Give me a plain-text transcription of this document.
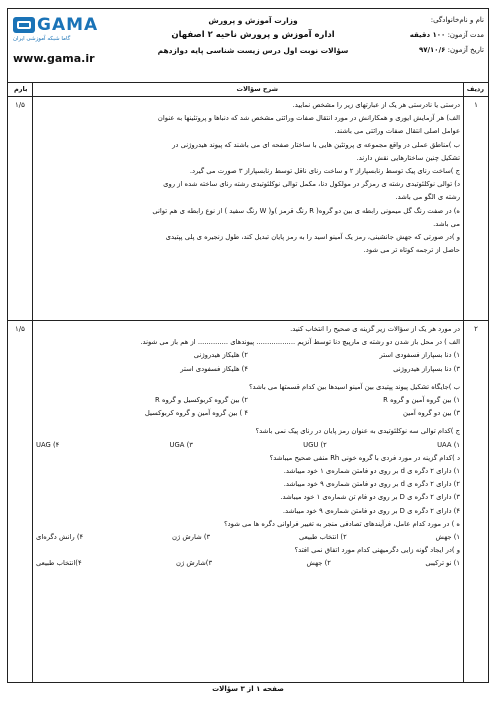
GAMA
گاما شبکه آموزشی ایران
www.gama.ir
وزارت آموزش و پرورش
اداره آموزش و پرورش ناحیه ۲ اصفهان
سؤالات نوبت اول درس زیست شناسی پایه دوازدهم
نام و نام‌خانوادگی:
مدت آزمون: ۱۰۰ دقیقه
تاریخ آزمون: ۹۷/۱۰/۶
ردیف
شرح سؤالات
بارم
۱
۱/۵	درستی یا نادرستی هر یک از عبارتهای زیر را مشخص نمایید.
الف) هر آزمایش ایوری و همکارانش در مورد انتقال صفات وراثتی مشخص شد که دنباها و پروتئینها به عنوان
عوامل اصلی انتقال صفات وراثتی می باشند.
ب )مناطق عملی در واقع مجموعه ی پروتئین هایی با ساختار صفحه ای می باشند که پیوند هیدروژنی در
تشکیل چنین ساختارهایی نقش دارند.
ج )ساخت رنای پیک توسط رنابسپاراز ۲ و ساخت رنای ناقل توسط رنابسپاراز ۳ صورت می گیرد.
د) توالی نوکلئوتیدی رشته ی رمزگر در مولکول دنا، مکمل توالی نوکلئوتیدی رشته رنای ساخته شده از روی
رشته ی الگو می باشد.
ه) در صفت رنگ گل میمونی رابطه ی بین دو گروه( R رنگ قرمز )و( W رنگ سفید ) از نوع رابطه ی هم توانی
می باشد.
و )در صورتی که جهش جانشینی، رمز یک آمینو اسید را به رمز پایان تبدیل کند، طول زنجیره ی پلی پپتیدی
حاصل از ترجمه کوتاه تر می شود.
۲
۱/۵	در مورد هر یک از سؤالات زیر گزینه ی صحیح را انتخاب کنید.
الف ) در محل باز شدن دو رشته ی مارپیچ دنا توسط آنزیم .................. پیوندهای .............. از هم باز می شوند.
۱) دنا بسپاراز فسفودی استر
۲) هلیکاز هیدروژنی
۳) دنا بسپاراز هیدروژنی
۴) هلیکاز فسفودی استر
ب )جایگاه تشکیل پیوند پپتیدی بین آمینو اسیدها بین کدام قسمتها می باشد؟
۱) بین گروه آمین و گروه R
۲) بین گروه کربوکسیل و گروه R
۳) بین دو گروه آمین
۴ ) بین گروه آمین و گروه کربوکسیل
ج )کدام توالی سه نوکلئوتیدی به عنوان رمز پایان در رنای پیک نمی باشد؟
۱) UAA
۲) UGU
۳) UGA
۴) UAG
د )کدام گزینه در مورد فردی با گروه خونی Rh منفی صحیح میباشد؟
۱) دارای ۲ دگره ی d بر روی دو فامتن شماره‌ی ۱ خود میباشد.
۲) دارای ۲ دگره ی d بر روی دو فامتن شماره‌ی ۹ خود میباشد.
۳) دارای ۲ دگره ی D بر روی دو فام تن شماره‌ی ۱ خود میباشد.
۴) دارای ۲ دگره ی D بر روی دو فامتن شماره‌ی ۹ خود میباشد.
ه ) در مورد کدام عامل، فرآیندهای تصادفی منجر به تغییر فراوانی دگره ها می شود؟
۱) جهش
۲) انتخاب طبیعی
۳) شارش ژن
۴) رانش دگره‌ای
و )در ایجاد گونه زایی دگرمیهنی کدام مورد اتفاق نمی افتد؟
۱) نو ترکیبی
۲) جهش
۳)شارش ژن
۴)انتخاب طبیعی
صفحه ۱ از ۳ سؤالات
